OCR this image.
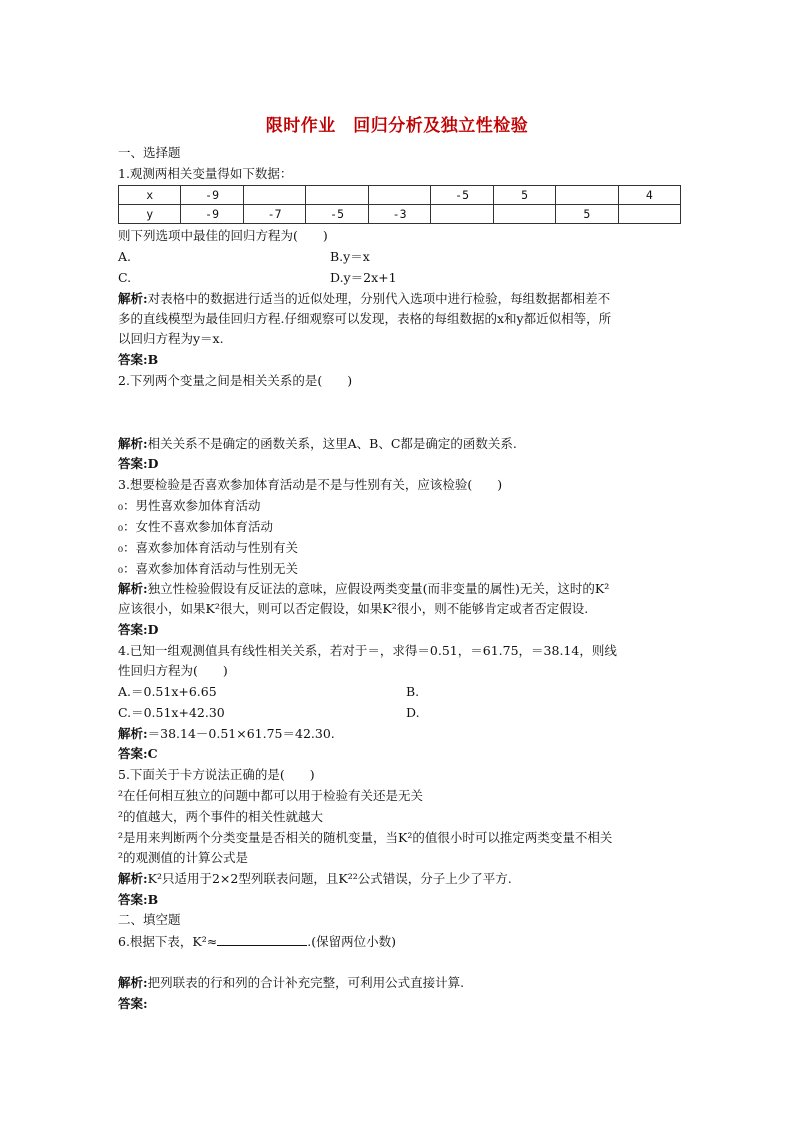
限时作业　回归分析及独立性检验
一、选择题
1.观测两相关变量得如下数据：
x	-9				-5	5		4
y	-9	-7	-5	-3			5	
则下列选项中最佳的回归方程为(　　)
A.	B.y＝x
C.	D.y＝2x+1
解析:对表格中的数据进行适当的近似处理，分别代入选项中进行检验，每组数据都相差不
多的直线模型为最佳回归方程.仔细观察可以发现，表格的每组数据的x和y都近似相等，所
以回归方程为y＝x.
答案:B
2.下列两个变量之间是相关关系的是(　　)
解析:相关关系不是确定的函数关系，这里A、B、C都是确定的函数关系.
答案:D
3.想要检验是否喜欢参加体育活动是不是与性别有关，应该检验(　　)
₀：男性喜欢参加体育活动
₀：女性不喜欢参加体育活动
₀：喜欢参加体育活动与性别有关
₀：喜欢参加体育活动与性别无关
解析:独立性检验假设有反证法的意味，应假设两类变量(而非变量的属性)无关，这时的K²
应该很小，如果K²很大，则可以否定假设，如果K²很小，则不能够肯定或者否定假设.
答案:D
4.已知一组观测值具有线性相关关系，若对于＝，求得＝0.51，＝61.75，＝38.14，则线
性回归方程为(　　)
A.＝0.51x+6.65	B.
C.＝0.51x+42.30	D.
解析:＝38.14－0.51×61.75＝42.30.
答案:C
5.下面关于卡方说法正确的是(　　)
²在任何相互独立的问题中都可以用于检验有关还是无关
²的值越大，两个事件的相关性就越大
²是用来判断两个分类变量是否相关的随机变量，当K²的值很小时可以推定两类变量不相关
²的观测值的计算公式是
解析:K²只适用于2×2型列联表问题，且K²²公式错误，分子上少了平方.
答案:B
二、填空题
6.根据下表，K²≈	.(保留两位小数)
解析:把列联表的行和列的合计补充完整，可利用公式直接计算.
答案:
